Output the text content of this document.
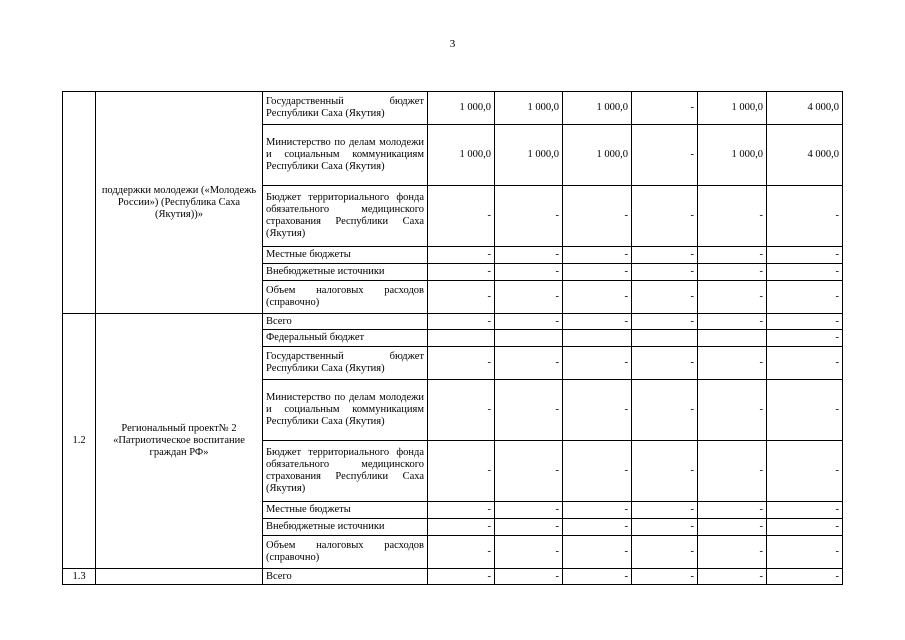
3
	поддержки молодежи («Молодежь России») (Республика Саха (Якутия))»	Государственный бюджет Республики Саха (Якутия)	1 000,0	1 000,0	1 000,0	-	1 000,0	4 000,0
		Министерство по делам молодежи и социальным коммуникациям Республики Саха (Якутия)	1 000,0	1 000,0	1 000,0	-	1 000,0	4 000,0
		Бюджет территориального фонда обязательного медицинского страхования Республики Саха (Якутия)	-	-	-	-	-	-
		Местные бюджеты	-	-	-	-	-	-
		Внебюджетные источники	-	-	-	-	-	-
		Объем налоговых расходов (справочно)	-	-	-	-	-	-
1.2	Региональный проект№ 2 «Патриотическое воспитание граждан РФ»	Всего	-	-	-	-	-	-
		Федеральный бюджет						-
		Государственный бюджет Республики Саха (Якутия)	-	-	-	-	-	-
		Министерство по делам молодежи и социальным коммуникациям Республики Саха (Якутия)	-	-	-	-	-	-
		Бюджет территориального фонда обязательного медицинского страхования Республики Саха (Якутия)	-	-	-	-	-	-
		Местные бюджеты	-	-	-	-	-	-
		Внебюджетные источники	-	-	-	-	-	-
		Объем налоговых расходов (справочно)	-	-	-	-	-	-
1.3		Всего	-	-	-	-	-	-
